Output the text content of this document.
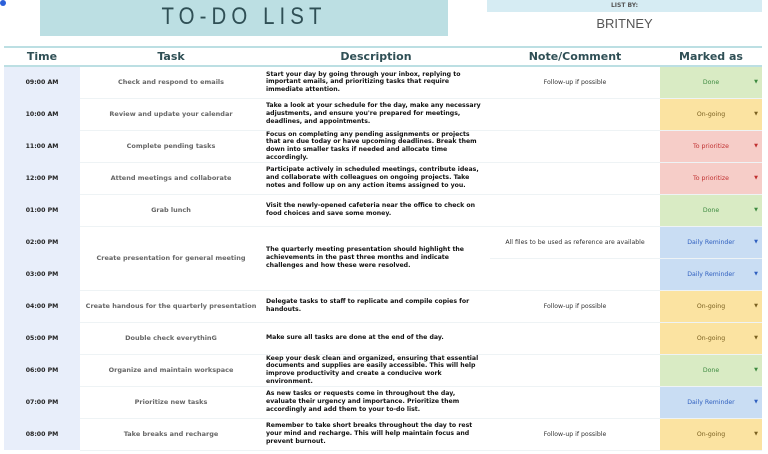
TO-DO LIST	LIST BY:
BRITNEY
Time	Task	Description	Note/Comment	Marked as
09:00 AM	Check and respond to emails	Start your day by going through your inbox, replying to important emails, and prioritizing tasks that require immediate attention.	Follow-up if possible	Done ▼

10:00 AM	Review and update your calendar	Take a look at your schedule for the day, make any necessary adjustments, and ensure you're prepared for meetings, deadlines, and appointments.		On-going ▼

11:00 AM	Complete pending tasks	Focus on completing any pending assignments or projects that are due today or have upcoming deadlines. Break them down into smaller tasks if needed and allocate time accordingly.		To prioritize ▼

12:00 PM	Attend meetings and collaborate	Participate actively in scheduled meetings, contribute ideas, and collaborate with colleagues on ongoing projects. Take notes and follow up on any action items assigned to you.		To prioritize ▼

01:00 PM	Grab lunch	Visit the newly-opened cafeteria near the office to check on food choices and save some money.		Done ▼

02:00 PM	Create presentation for general meeting	The quarterly meeting presentation should highlight the achievements in the past three months and indicate challenges and how these were resolved.	All files to be used as reference are available	Daily Reminder ▼

03:00 PM				Daily Reminder ▼

04:00 PM	Create handous for the quarterly presentation	Delegate tasks to staff to replicate and compile copies for handouts.	Follow-up if possible	On-going ▼

05:00 PM	Double check everythinG	Make sure all tasks are done at the end of the day.		On-going ▼

06:00 PM	Organize and maintain workspace	Keep your desk clean and organized, ensuring that essential documents and supplies are easily accessible. This will help improve productivity and create a conducive work environment.		Done ▼

07:00 PM	Prioritize new tasks	As new tasks or requests come in throughout the day, evaluate their urgency and importance. Prioritize them accordingly and add them to your to-do list.		Daily Reminder ▼

08:00 PM	Take breaks and recharge	Remember to take short breaks throughout the day to rest your mind and recharge. This will help maintain focus and prevent burnout.	Follow-up if possible	On-going ▼
